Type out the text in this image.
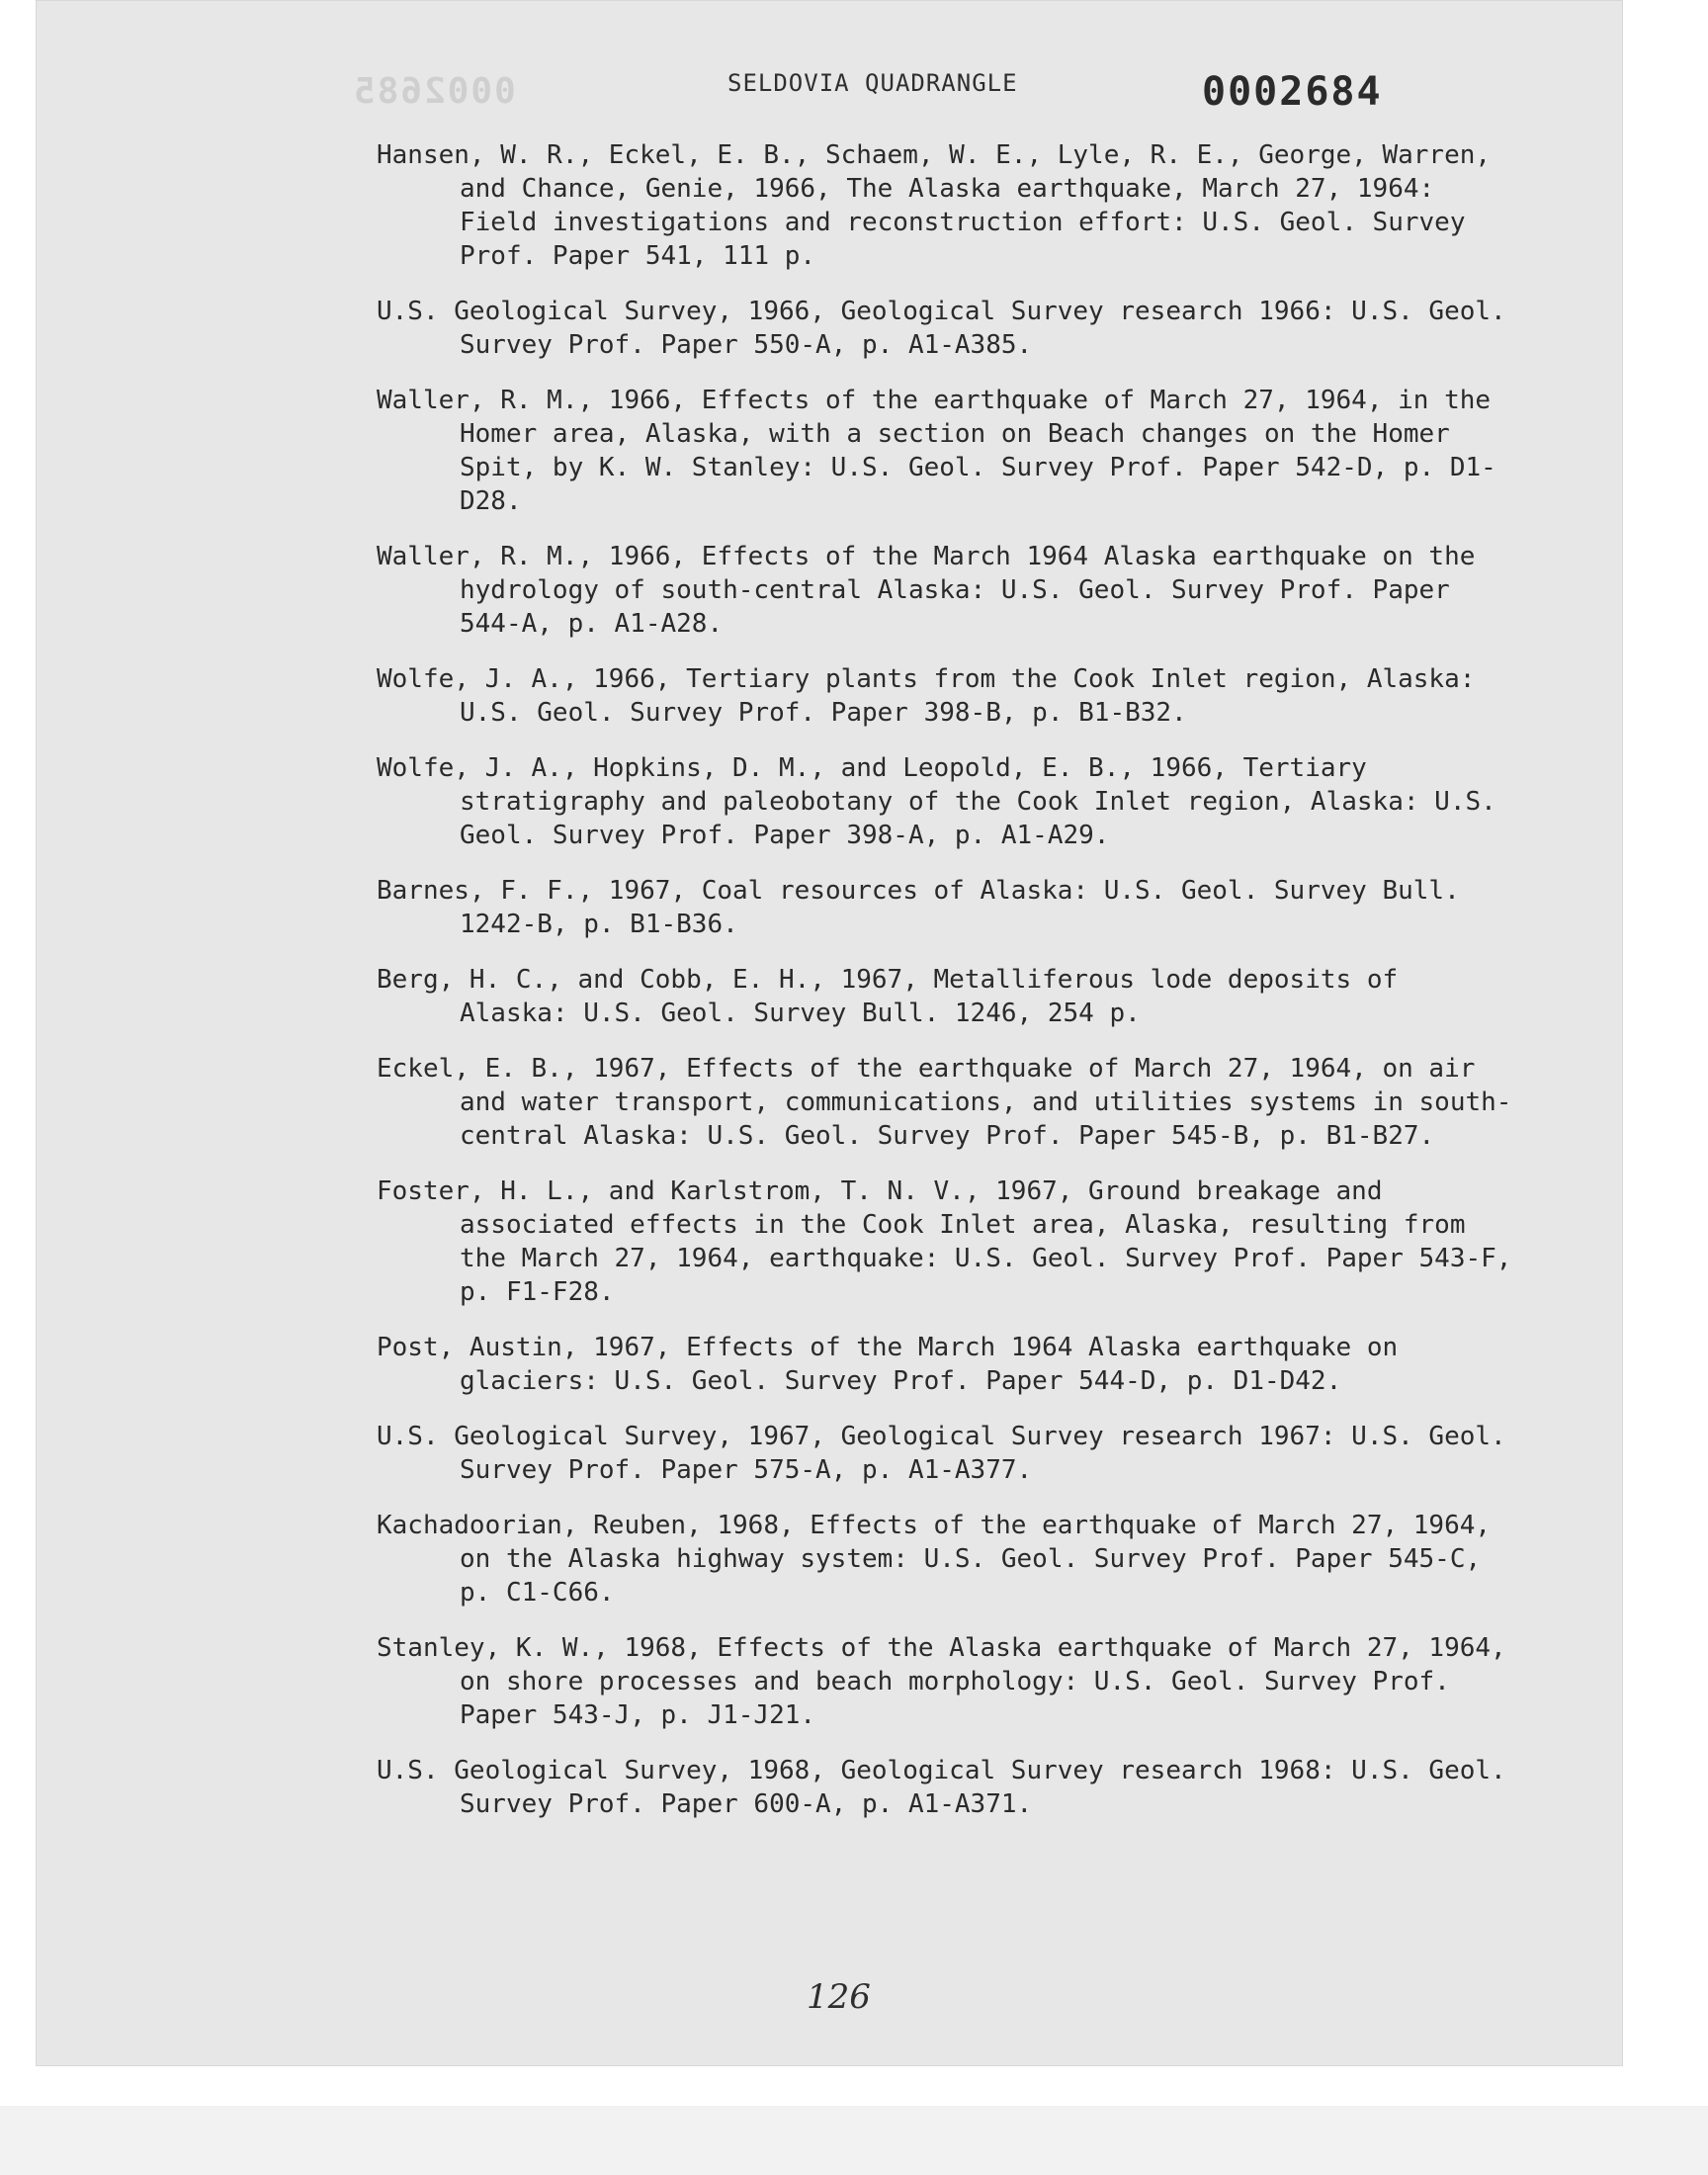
0002685	SELDOVIA QUADRANGLE	0002684
Hansen, W. R., Eckel, E. B., Schaem, W. E., Lyle, R. E., George, Warren, and Chance, Genie, 1966, The Alaska earthquake, March 27, 1964: Field investigations and reconstruction effort: U.S. Geol. Survey Prof. Paper 541, 111 p.
U.S. Geological Survey, 1966, Geological Survey research 1966: U.S. Geol. Survey Prof. Paper 550-A, p. A1-A385.
Waller, R. M., 1966, Effects of the earthquake of March 27, 1964, in the Homer area, Alaska, with a section on Beach changes on the Homer Spit, by K. W. Stanley: U.S. Geol. Survey Prof. Paper 542-D, p. D1-D28.
Waller, R. M., 1966, Effects of the March 1964 Alaska earthquake on the hydrology of south-central Alaska: U.S. Geol. Survey Prof. Paper 544-A, p. A1-A28.
Wolfe, J. A., 1966, Tertiary plants from the Cook Inlet region, Alaska: U.S. Geol. Survey Prof. Paper 398-B, p. B1-B32.
Wolfe, J. A., Hopkins, D. M., and Leopold, E. B., 1966, Tertiary stratigraphy and paleobotany of the Cook Inlet region, Alaska: U.S. Geol. Survey Prof. Paper 398-A, p. A1-A29.
Barnes, F. F., 1967, Coal resources of Alaska: U.S. Geol. Survey Bull. 1242-B, p. B1-B36.
Berg, H. C., and Cobb, E. H., 1967, Metalliferous lode deposits of Alaska: U.S. Geol. Survey Bull. 1246, 254 p.
Eckel, E. B., 1967, Effects of the earthquake of March 27, 1964, on air and water transport, communications, and utilities systems in south-central Alaska: U.S. Geol. Survey Prof. Paper 545-B, p. B1-B27.
Foster, H. L., and Karlstrom, T. N. V., 1967, Ground breakage and associated effects in the Cook Inlet area, Alaska, resulting from the March 27, 1964, earthquake: U.S. Geol. Survey Prof. Paper 543-F, p. F1-F28.
Post, Austin, 1967, Effects of the March 1964 Alaska earthquake on glaciers: U.S. Geol. Survey Prof. Paper 544-D, p. D1-D42.
U.S. Geological Survey, 1967, Geological Survey research 1967: U.S. Geol. Survey Prof. Paper 575-A, p. A1-A377.
Kachadoorian, Reuben, 1968, Effects of the earthquake of March 27, 1964, on the Alaska highway system: U.S. Geol. Survey Prof. Paper 545-C, p. C1-C66.
Stanley, K. W., 1968, Effects of the Alaska earthquake of March 27, 1964, on shore processes and beach morphology: U.S. Geol. Survey Prof. Paper 543-J, p. J1-J21.
U.S. Geological Survey, 1968, Geological Survey research 1968: U.S. Geol. Survey Prof. Paper 600-A, p. A1-A371.
126
